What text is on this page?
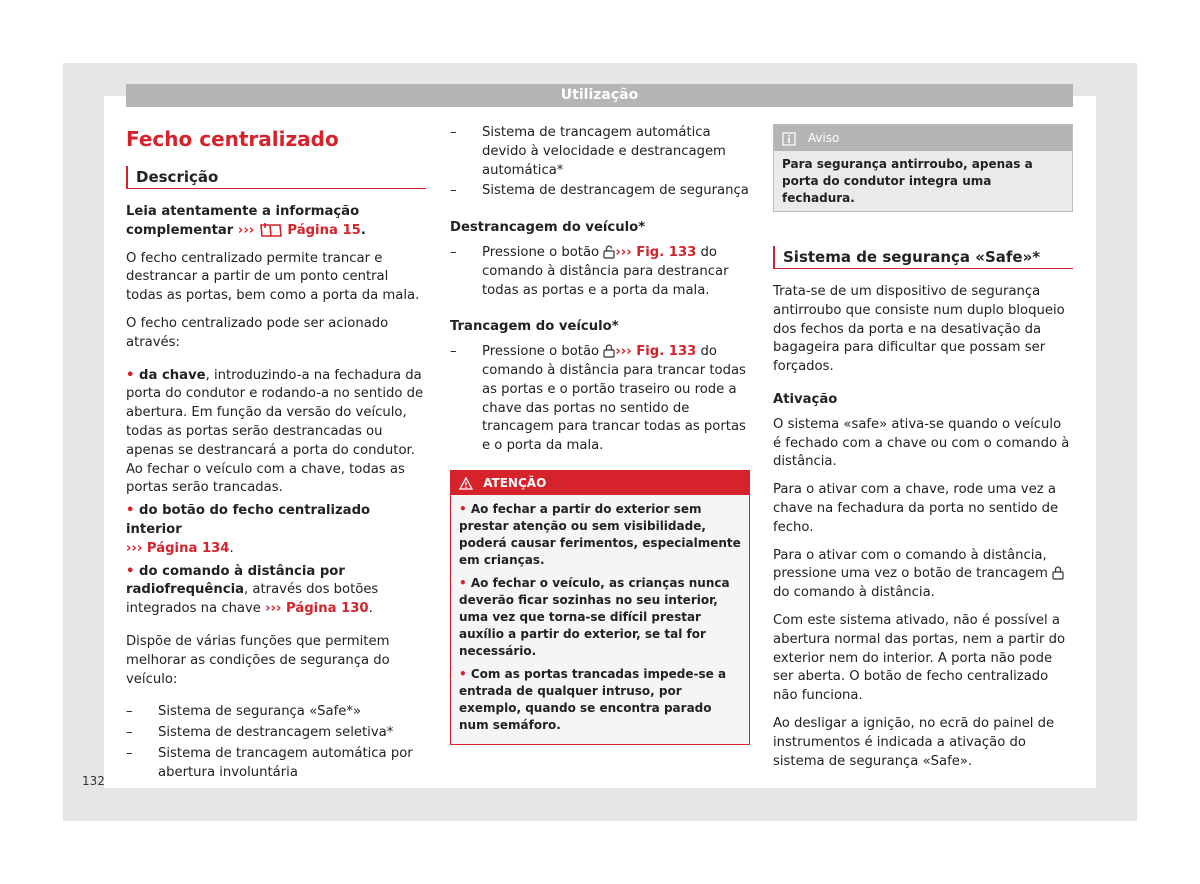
Utilização
Fecho centralizado
Descrição

Leia atentamente a informação complementar ›››	Página 15.

O fecho centralizado permite trancar e destrancar a partir de um ponto central todas as portas, bem como a porta da mala.

O fecho centralizado pode ser acionado através:

• da chave, introduzindo-a na fechadura da porta do condutor e rodando-a no sentido de abertura. Em função da versão do veículo, todas as portas serão destrancadas ou apenas se destrancará a porta do condutor. Ao fechar o veículo com a chave, todas as portas serão trancadas.

• do botão do fecho centralizado interior
››› Página 134.

• do comando à distância por radiofrequência, através dos botões integrados na chave ››› Página 130.

Dispõe de várias funções que permitem melhorar as condições de segurança do veículo:

– Sistema de segurança «Safe*»
– Sistema de destrancagem seletiva*
– Sistema de trancagem automática por abertura involuntária
– Sistema de trancagem automática devido à velocidade e destrancagem automática*
– Sistema de destrancagem de segurança

Destrancagem do veículo*

– Pressione o botão ››› Fig. 133 do comando à distância para destrancar todas as portas e a porta da mala.

Trancagem do veículo*

– Pressione o botão ››› Fig. 133 do comando à distância para trancar todas as portas e o portão traseiro ou rode a chave das portas no sentido de trancagem para trancar todas as portas e o porta da mala.
ATENÇÃO

• Ao fechar a partir do exterior sem prestar atenção ou sem visibilidade, poderá causar ferimentos, especialmente em crianças.

• Ao fechar o veículo, as crianças nunca deverão ficar sozinhas no seu interior, uma vez que torna-se difícil prestar auxílio a partir do exterior, se tal for necessário.

• Com as portas trancadas impede-se a entrada de qualquer intruso, por exemplo, quando se encontra parado num semáforo.

Aviso
Para segurança antirroubo, apenas a porta do condutor integra uma fechadura.
Sistema de segurança «Safe»*

Trata-se de um dispositivo de segurança antirroubo que consiste num duplo bloqueio dos fechos da porta e na desativação da bagageira para dificultar que possam ser forçados.

Ativação

O sistema «safe» ativa-se quando o veículo é fechado com a chave ou com o comando à distância.

Para o ativar com a chave, rode uma vez a chave na fechadura da porta no sentido de fecho.

Para o ativar com o comando à distância, pressione uma vez o botão de trancagem  do comando à distância.

Com este sistema ativado, não é possível a abertura normal das portas, nem a partir do exterior nem do interior. A porta não pode ser aberta. O botão de fecho centralizado não funciona.

Ao desligar a ignição, no ecrã do painel de instrumentos é indicada a ativação do sistema de segurança «Safe».

132
